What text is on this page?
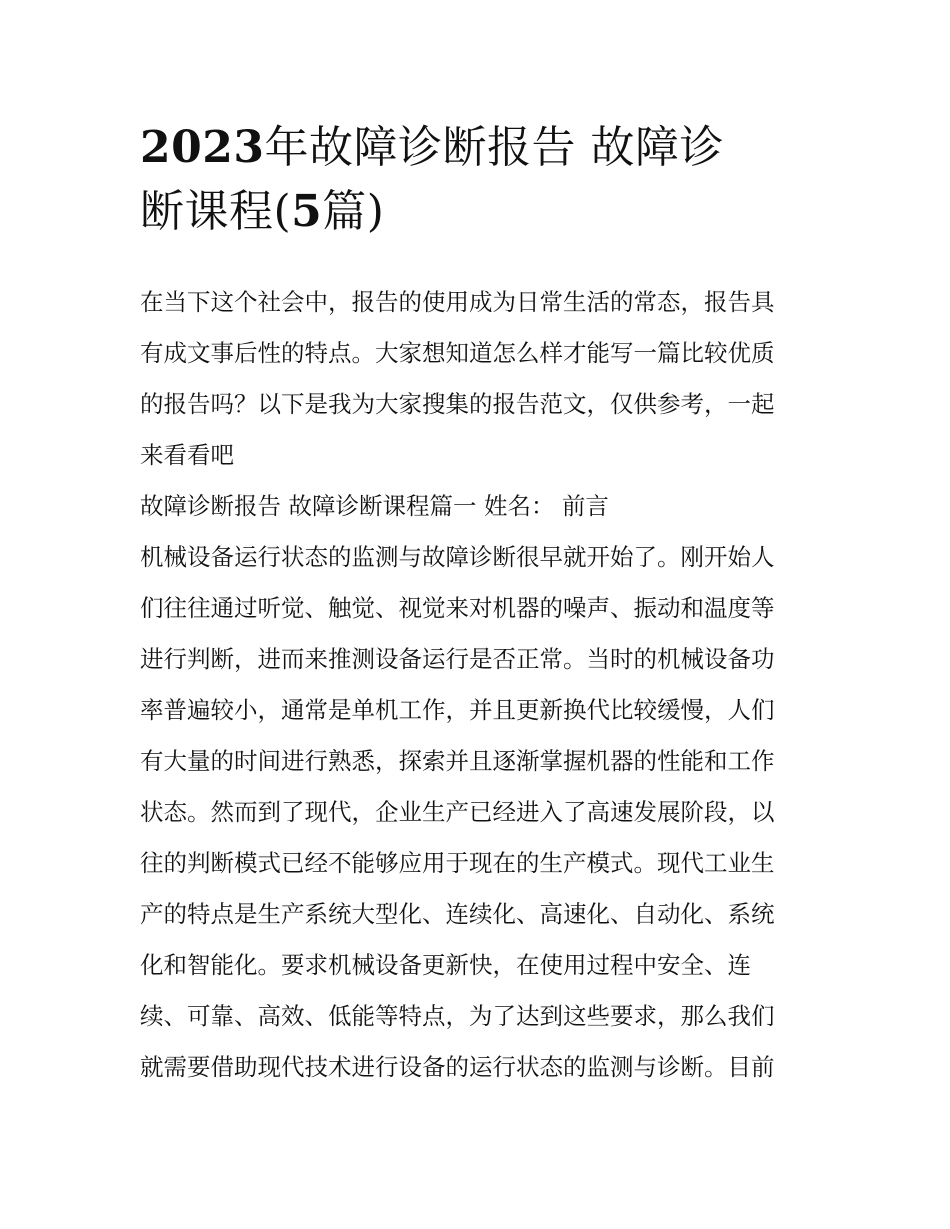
2023年故障诊断报告 故障诊
断课程(5篇)
在当下这个社会中，报告的使用成为日常生活的常态，报告具
有成文事后性的特点。大家想知道怎么样才能写一篇比较优质
的报告吗？以下是我为大家搜集的报告范文，仅供参考，一起
来看看吧
故障诊断报告 故障诊断课程篇一 姓名： 前言
机械设备运行状态的监测与故障诊断很早就开始了。刚开始人
们往往通过听觉、触觉、视觉来对机器的噪声、振动和温度等
进行判断，进而来推测设备运行是否正常。当时的机械设备功
率普遍较小，通常是单机工作，并且更新换代比较缓慢，人们
有大量的时间进行熟悉，探索并且逐渐掌握机器的性能和工作
状态。然而到了现代，企业生产已经进入了高速发展阶段，以
往的判断模式已经不能够应用于现在的生产模式。现代工业生
产的特点是生产系统大型化、连续化、高速化、自动化、系统
化和智能化。要求机械设备更新快，在使用过程中安全、连
续、可靠、高效、低能等特点，为了达到这些要求，那么我们
就需要借助现代技术进行设备的运行状态的监测与诊断。目前
